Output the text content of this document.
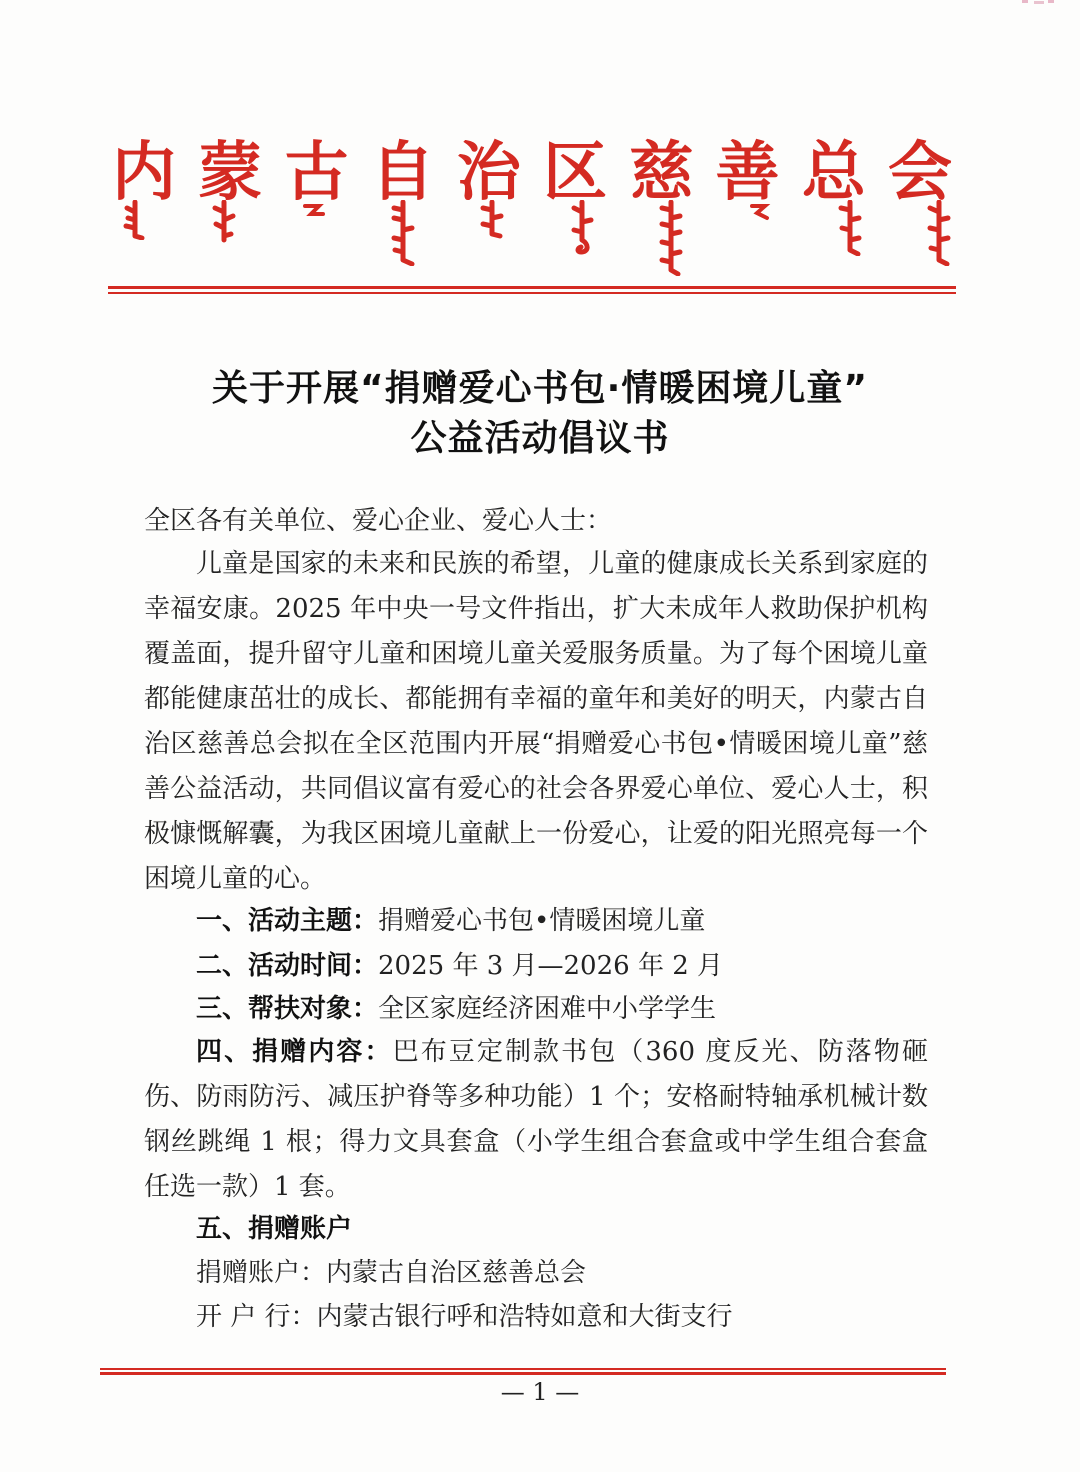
内 蒙 古 自 治 区 慈 善 总 会
关于开展“捐赠爱心书包·情暖困境儿童”
公益活动倡议书
全区各有关单位、爱心企业、爱心人士：
儿童是国家的未来和民族的希望，儿童的健康成长关系到家庭的幸福安康。2025 年中央一号文件指出，扩大未成年人救助保护机构覆盖面，提升留守儿童和困境儿童关爱服务质量。为了每个困境儿童都能健康茁壮的成长、都能拥有幸福的童年和美好的明天，内蒙古自治区慈善总会拟在全区范围内开展“捐赠爱心书包•情暖困境儿童”慈善公益活动，共同倡议富有爱心的社会各界爱心单位、爱心人士，积极慷慨解囊，为我区困境儿童献上一份爱心，让爱的阳光照亮每一个困境儿童的心。
一、活动主题：捐赠爱心书包•情暖困境儿童
二、活动时间：2025 年 3 月—2026 年 2 月
三、帮扶对象：全区家庭经济困难中小学学生
四、捐赠内容：巴布豆定制款书包（360 度反光、防落物砸伤、防雨防污、减压护脊等多种功能）1 个；安格耐特轴承机械计数钢丝跳绳 1 根；得力文具套盒（小学生组合套盒或中学生组合套盒任选一款）1 套。
五、捐赠账户
捐赠账户：内蒙古自治区慈善总会
开 户 行：内蒙古银行呼和浩特如意和大街支行
— 1 —
